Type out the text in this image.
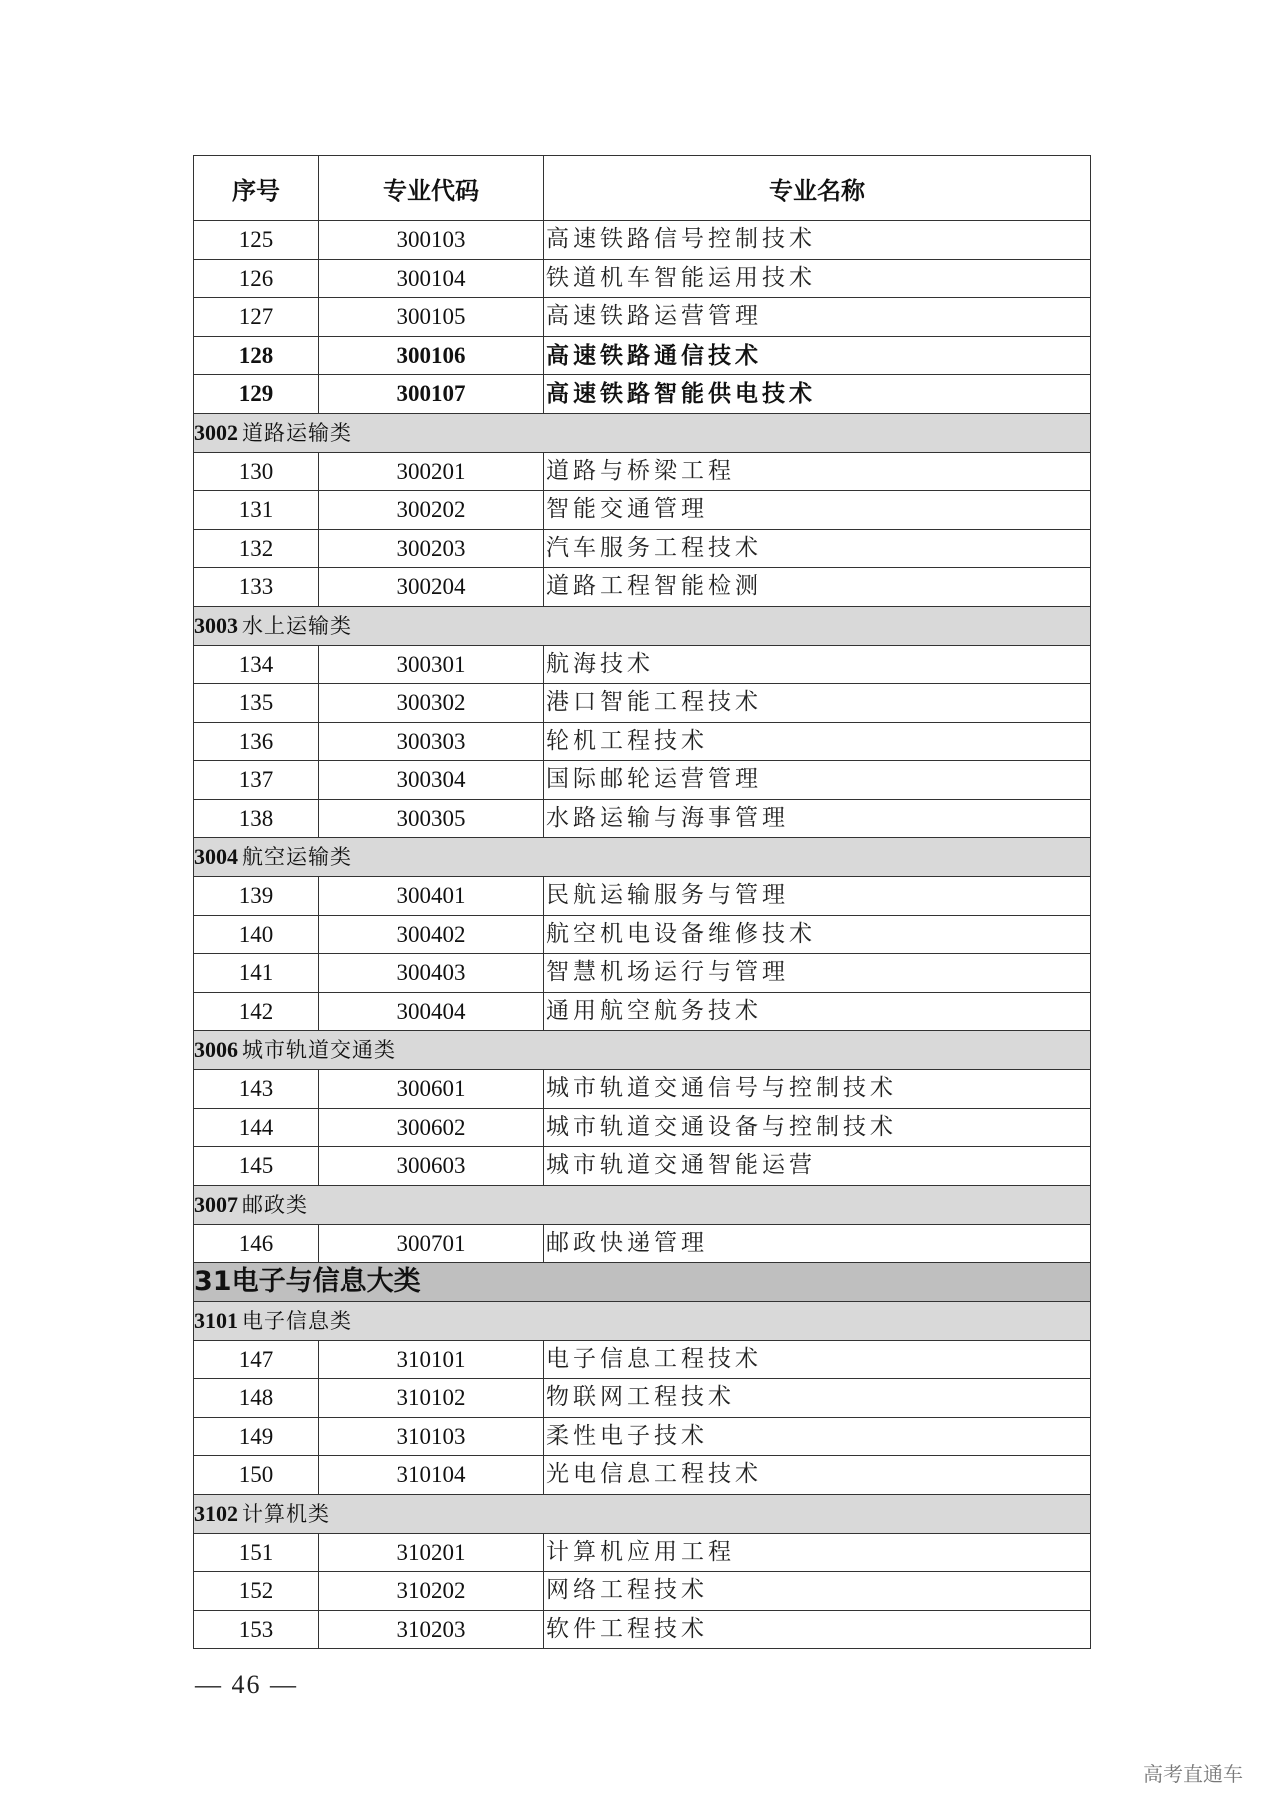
序号	专业代码	专业名称
125	300103	高速铁路信号控制技术
126	300104	铁道机车智能运用技术
127	300105	高速铁路运营管理
128	300106	高速铁路通信技术
129	300107	高速铁路智能供电技术
3002 道路运输类		
130	300201	道路与桥梁工程
131	300202	智能交通管理
132	300203	汽车服务工程技术
133	300204	道路工程智能检测
3003 水上运输类		
134	300301	航海技术
135	300302	港口智能工程技术
136	300303	轮机工程技术
137	300304	国际邮轮运营管理
138	300305	水路运输与海事管理
3004 航空运输类		
139	300401	民航运输服务与管理
140	300402	航空机电设备维修技术
141	300403	智慧机场运行与管理
142	300404	通用航空航务技术
3006 城市轨道交通类		
143	300601	城市轨道交通信号与控制技术
144	300602	城市轨道交通设备与控制技术
145	300603	城市轨道交通智能运营
3007 邮政类		
146	300701	邮政快递管理
31电子与信息大类		
3101 电子信息类		
147	310101	电子信息工程技术
148	310102	物联网工程技术
149	310103	柔性电子技术
150	310104	光电信息工程技术
3102 计算机类		
151	310201	计算机应用工程
152	310202	网络工程技术
153	310203	软件工程技术
— 46 —
高考直通车
